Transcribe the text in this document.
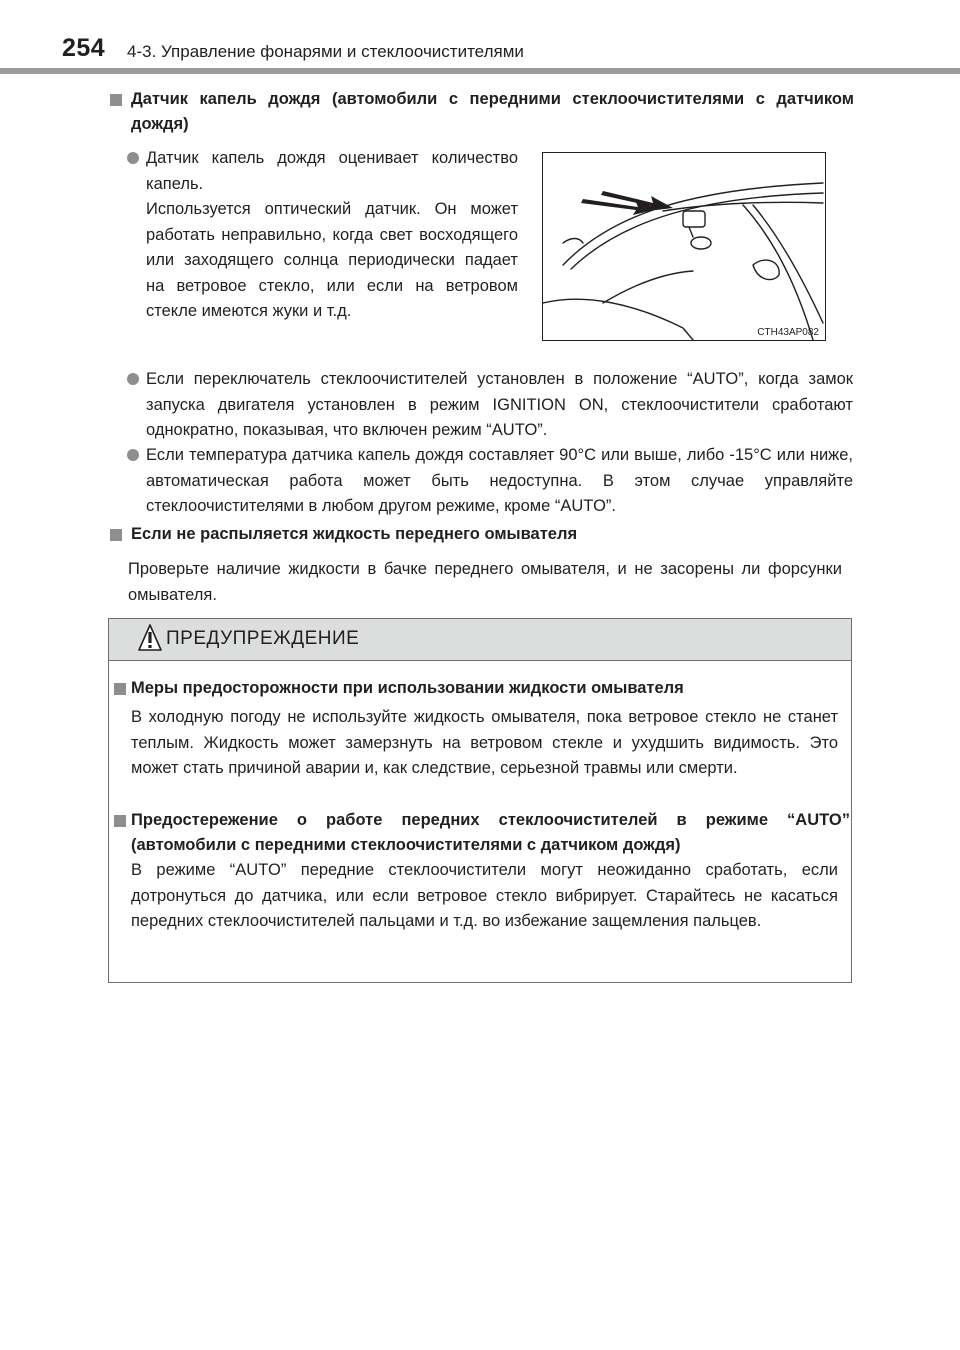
254 4-3. Управление фонарями и стеклоочистителями
Датчик капель дождя (автомобили с передними стеклоочистителями с датчиком дождя)
Датчик капель дождя оценивает количество капель.
Используется оптический датчик. Он может работать неправильно, когда свет восходящего или заходящего солнца периодически падает на ветровое стекло, или если на ветровом стекле имеются жуки и т.д.
Если переключатель стеклоочистителей установлен в положение “AUTO”, когда замок запуска двигателя установлен в режим IGNITION ON, стеклоочистители сработают однократно, показывая, что включен режим “AUTO”.
Если температура датчика капель дождя составляет 90°C или выше, либо -15°C или ниже, автоматическая работа может быть недоступна. В этом случае управляйте стеклоочистителями в любом другом режиме, кроме “AUTO”.
CTH43AP082
Если не распыляется жидкость переднего омывателя
Проверьте наличие жидкости в бачке переднего омывателя, и не засорены ли форсунки омывателя.
ПРЕДУПРЕЖДЕНИЕ
Меры предосторожности при использовании жидкости омывателя
В холодную погоду не используйте жидкость омывателя, пока ветровое стекло не станет теплым. Жидкость может замерзнуть на ветровом стекле и ухудшить видимость. Это может стать причиной аварии и, как следствие, серьезной травмы или смерти.
Предостережение о работе передних стеклоочистителей в режиме “AUTO” (автомобили с передними стеклоочистителями с датчиком дождя)
В режиме “AUTO” передние стеклоочистители могут неожиданно сработать, если дотронуться до датчика, или если ветровое стекло вибрирует. Старайтесь не касаться передних стеклоочистителей пальцами и т.д. во избежание защемления пальцев.
